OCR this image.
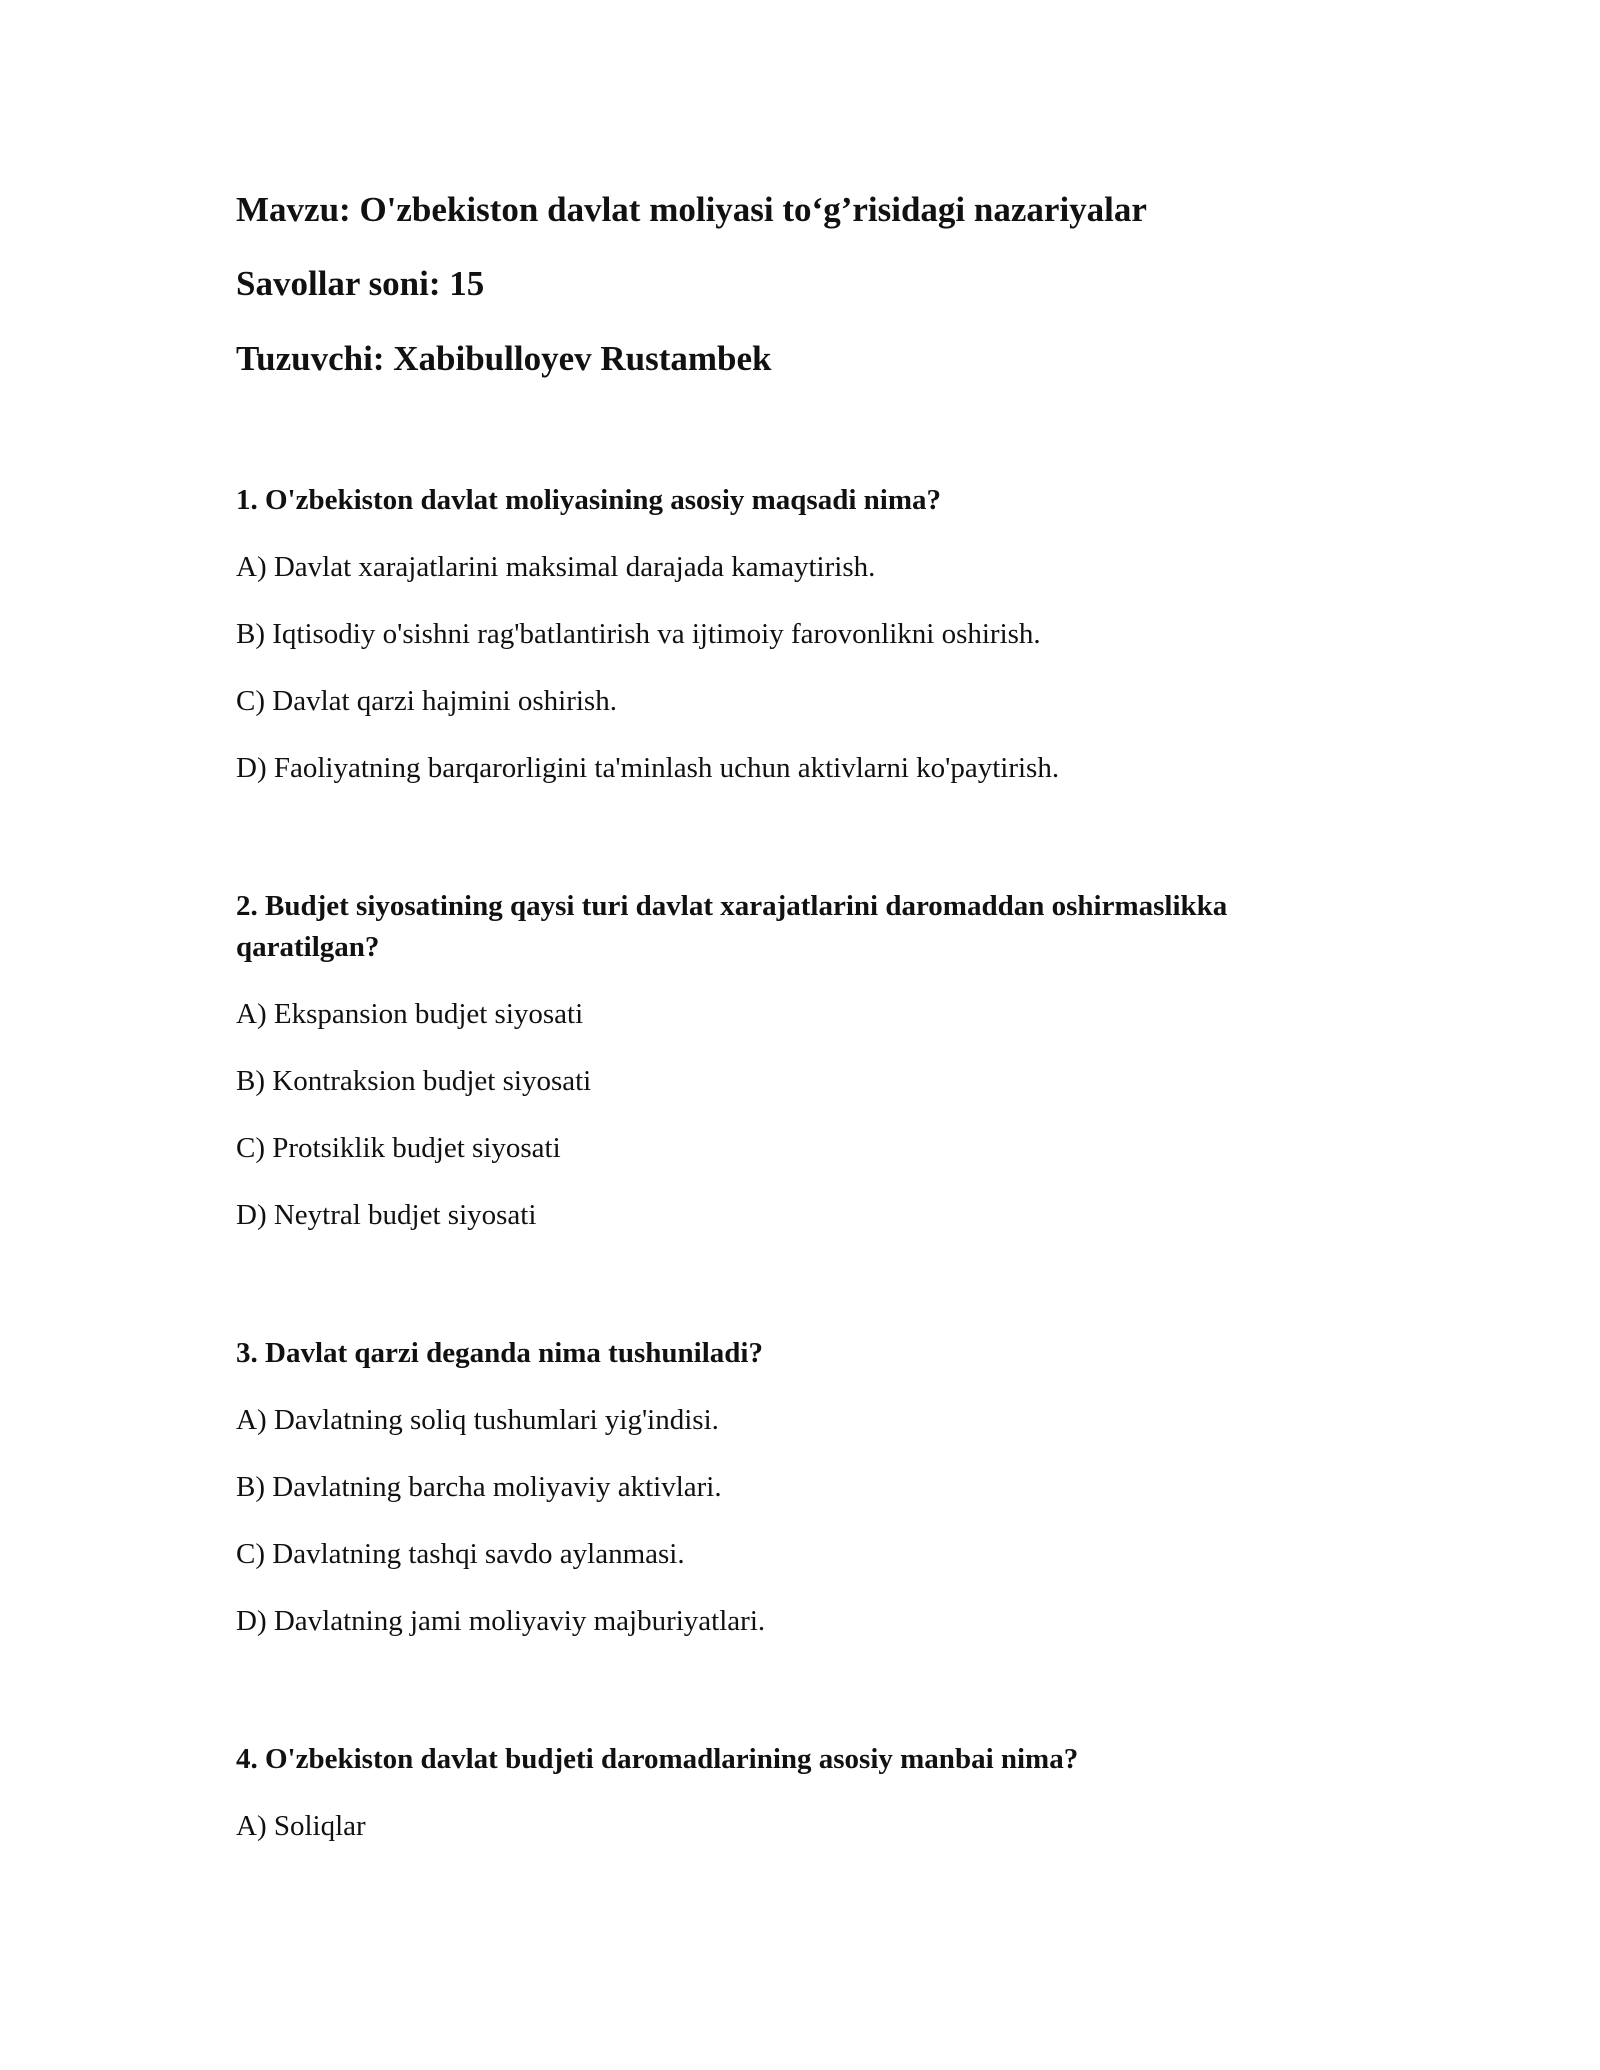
Mavzu: O'zbekiston davlat moliyasi to‘g’risidagi nazariyalar

Savollar soni: 15

Tuzuvchi: Xabibulloyev Rustambek

1. O'zbekiston davlat moliyasining asosiy maqsadi nima?

A) Davlat xarajatlarini maksimal darajada kamaytirish.

B) Iqtisodiy o'sishni rag'batlantirish va ijtimoiy farovonlikni oshirish.

C) Davlat qarzi hajmini oshirish.

D) Faoliyatning barqarorligini ta'minlash uchun aktivlarni ko'paytirish.

2. Budjet siyosatining qaysi turi davlat xarajatlarini daromaddan oshirmaslikka qaratilgan?

A) Ekspansion budjet siyosati

B) Kontraksion budjet siyosati

C) Protsiklik budjet siyosati

D) Neytral budjet siyosati

3. Davlat qarzi deganda nima tushuniladi?

A) Davlatning soliq tushumlari yig'indisi.

B) Davlatning barcha moliyaviy aktivlari.

C) Davlatning tashqi savdo aylanmasi.

D) Davlatning jami moliyaviy majburiyatlari.

4. O'zbekiston davlat budjeti daromadlarining asosiy manbai nima?

A) Soliqlar
